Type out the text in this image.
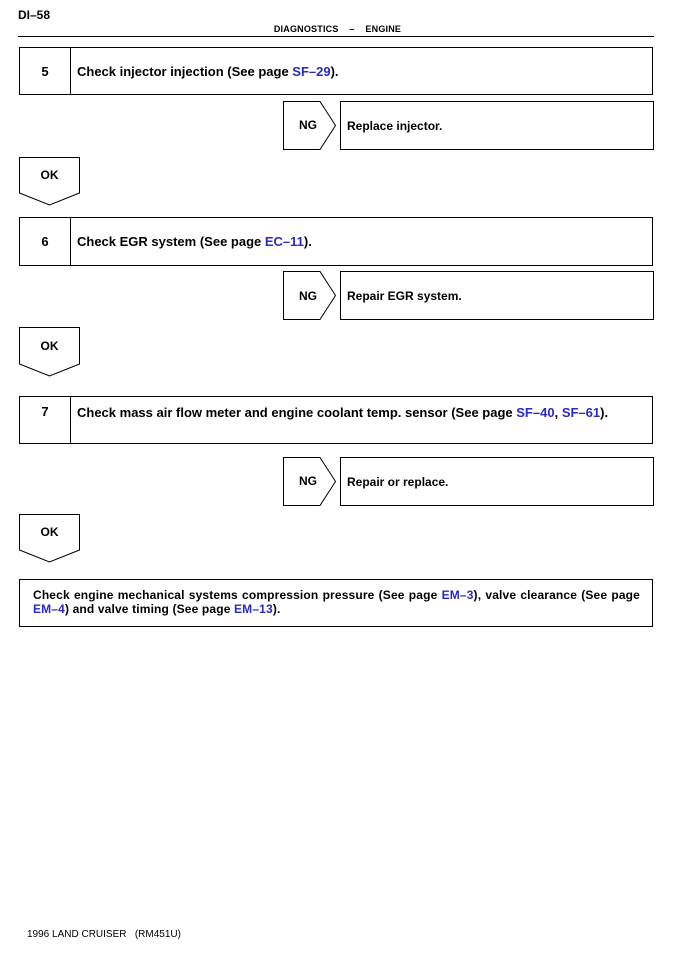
DI–58
DIAGNOSTICS – ENGINE
5	Check injector injection (See page SF–29).
NG	Replace injector.
OK
6	Check EGR system (See page EC–11).
NG	Repair EGR system.
OK
7	Check mass air flow meter and engine coolant temp. sensor (See page SF–40, SF–61).
NG	Repair or replace.
OK
Check engine mechanical systems compression pressure (See page EM–3), valve clearance (See page EM–4) and valve timing (See page EM–13).
1996 LAND CRUISER   (RM451U)
